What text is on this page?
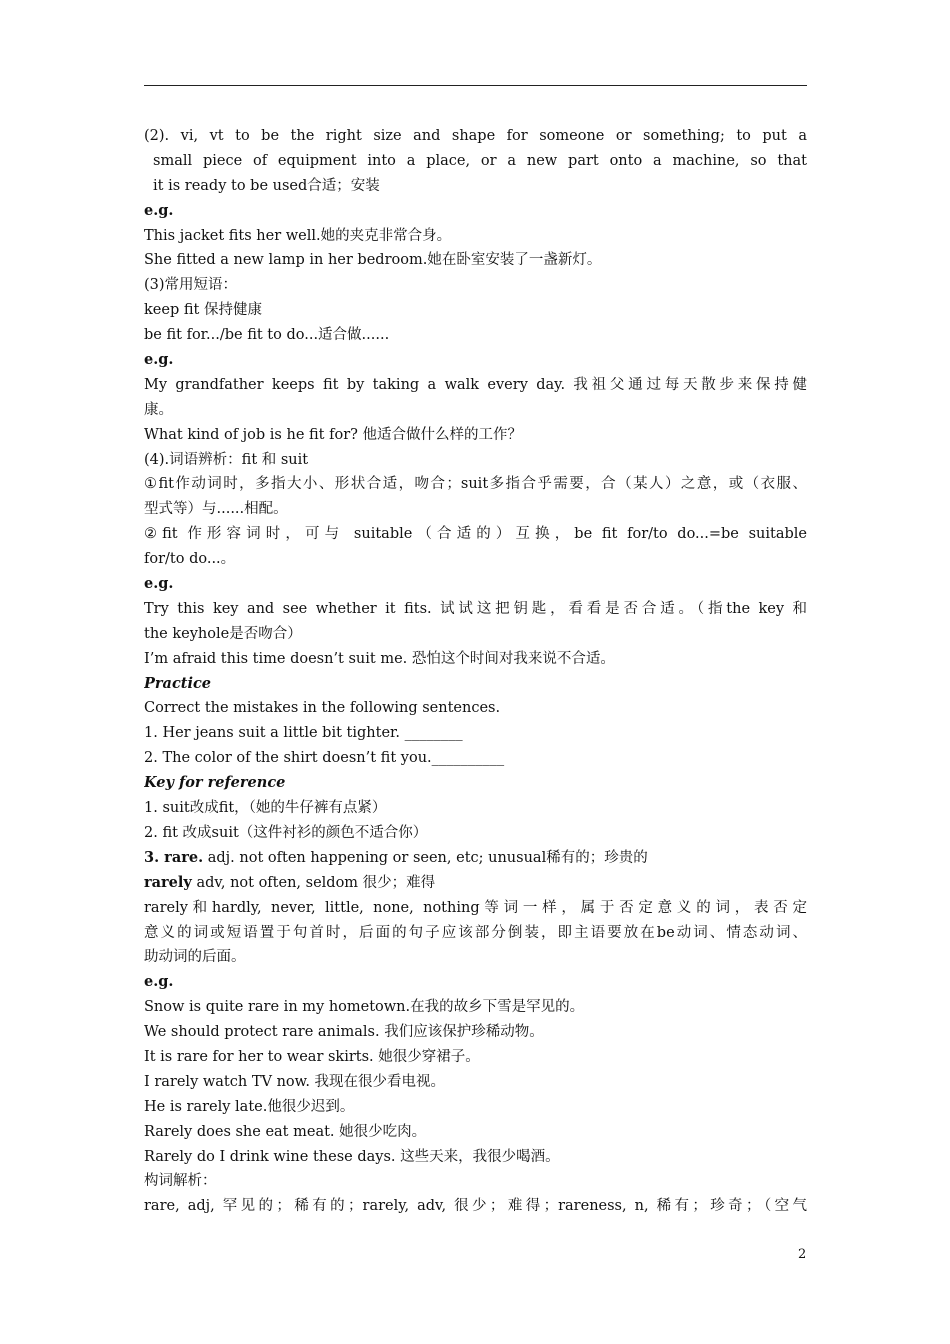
(2). vi, vt to be the right size and shape for someone or something; to put a
small piece of equipment into a place, or a new part onto a machine, so that
it is ready to be used合适；安装
e.g.
This jacket fits her well.她的夹克非常合身。
She fitted a new lamp in her bedroom.她在卧室安装了一盏新灯。
(3)常用短语：
keep fit 保持健康
be fit for.../be fit to do...适合做......
e.g.
My grandfather keeps fit by taking a walk every day. 我祖父通过每天散步来保持健
康。
What kind of job is he fit for? 他适合做什么样的工作？
(4).词语辨析：fit 和 suit
①fit作动词时，多指大小、形状合适，吻合；suit多指合乎需要，合（某人）之意，或（衣服、
型式等）与......相配。
②fit 作形容词时，可与 suitable（合适的）互换，be fit for/to do...=be suitable
for/to do...。
e.g.
Try this key and see whether it fits. 试试这把钥匙，看看是否合适。（指the key 和
the keyhole是否吻合）
I’m afraid this time doesn’t suit me. 恐怕这个时间对我来说不合适。
Practice
Correct the mistakes in the following sentences.
1. Her jeans suit a little bit tighter. ________
2. The color of the shirt doesn’t fit you.__________
Key for reference
1. suit改成fit，（她的牛仔裤有点紧）
2. fit 改成suit（这件衬衫的颜色不适合你）
3. rare. adj. not often happening or seen, etc; unusual稀有的；珍贵的
rarely adv, not often, seldom 很少；难得
rarely和hardly, never, little, none, nothing等词一样，属于否定意义的词，表否定
意义的词或短语置于句首时，后面的句子应该部分倒装，即主语要放在be动词、情态动词、
助动词的后面。
e.g.
Snow is quite rare in my hometown.在我的故乡下雪是罕见的。
We should protect rare animals. 我们应该保护珍稀动物。
It is rare for her to wear skirts. 她很少穿裙子。
I rarely watch TV now. 我现在很少看电视。
He is rarely late.他很少迟到。
Rarely does she eat meat. 她很少吃肉。
Rarely do I drink wine these days. 这些天来，我很少喝酒。
构词解析：
rare, adj, 罕见的；稀有的；rarely, adv, 很少；难得；rareness, n, 稀有；珍奇；（空气
2
